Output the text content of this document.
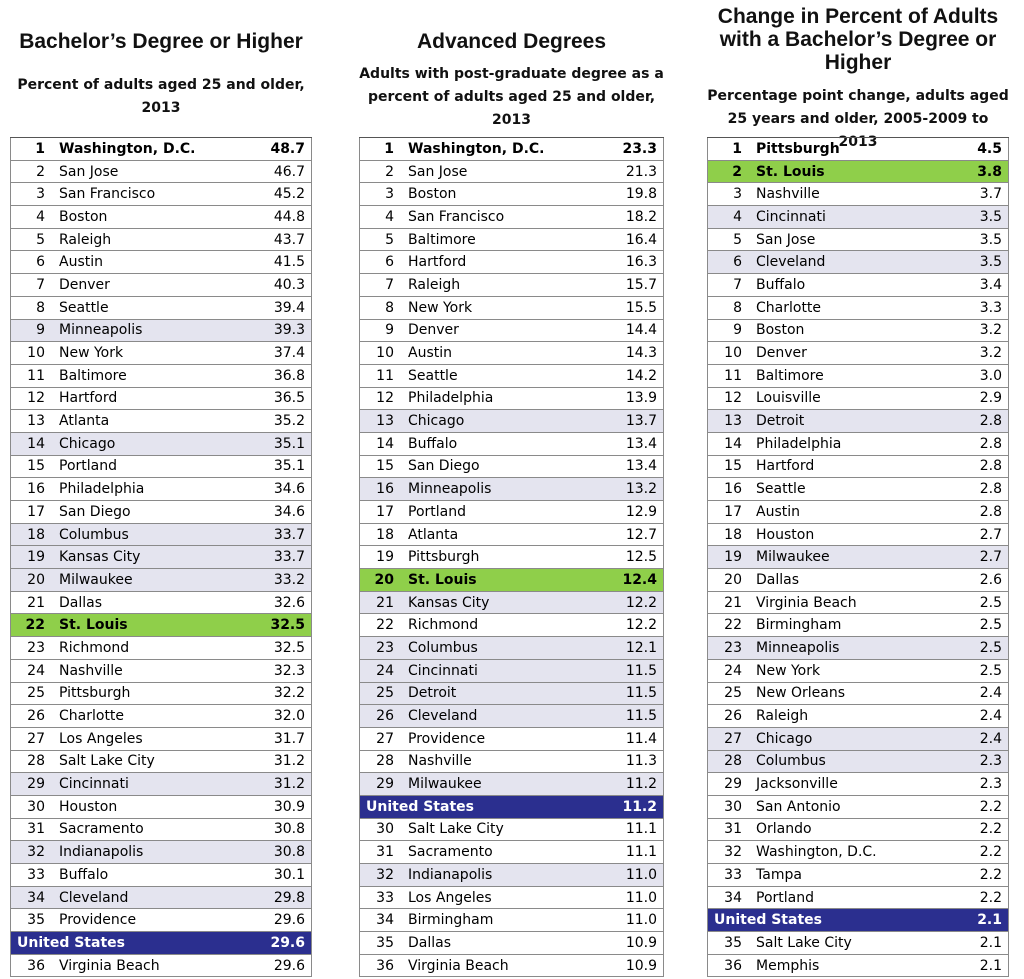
Bachelor’s Degree or Higher

Percent of adults aged 25 and older, 2013

1	Washington, D.C.	48.7
2	San Jose	46.7
3	San Francisco	45.2
4	Boston	44.8
5	Raleigh	43.7
6	Austin	41.5
7	Denver	40.3
8	Seattle	39.4
9	Minneapolis	39.3
10	New York	37.4
11	Baltimore	36.8
12	Hartford	36.5
13	Atlanta	35.2
14	Chicago	35.1
15	Portland	35.1
16	Philadelphia	34.6
17	San Diego	34.6
18	Columbus	33.7
19	Kansas City	33.7
20	Milwaukee	33.2
21	Dallas	32.6
22	St. Louis	32.5
23	Richmond	32.5
24	Nashville	32.3
25	Pittsburgh	32.2
26	Charlotte	32.0
27	Los Angeles	31.7
28	Salt Lake City	31.2
29	Cincinnati	31.2
30	Houston	30.9
31	Sacramento	30.8
32	Indianapolis	30.8
33	Buffalo	30.1
34	Cleveland	29.8
35	Providence	29.6
United States	29.6
36	Virginia Beach	29.6

Advanced Degrees

Adults with post-graduate degree as a percent of adults aged 25 and older, 2013

1	Washington, D.C.	23.3
2	San Jose	21.3
3	Boston	19.8
4	San Francisco	18.2
5	Baltimore	16.4
6	Hartford	16.3
7	Raleigh	15.7
8	New York	15.5
9	Denver	14.4
10	Austin	14.3
11	Seattle	14.2
12	Philadelphia	13.9
13	Chicago	13.7
14	Buffalo	13.4
15	San Diego	13.4
16	Minneapolis	13.2
17	Portland	12.9
18	Atlanta	12.7
19	Pittsburgh	12.5
20	St. Louis	12.4
21	Kansas City	12.2
22	Richmond	12.2
23	Columbus	12.1
24	Cincinnati	11.5
25	Detroit	11.5
26	Cleveland	11.5
27	Providence	11.4
28	Nashville	11.3
29	Milwaukee	11.2
United States	11.2
30	Salt Lake City	11.1
31	Sacramento	11.1
32	Indianapolis	11.0
33	Los Angeles	11.0
34	Birmingham	11.0
35	Dallas	10.9
36	Virginia Beach	10.9

Change in Percent of Adults with a Bachelor’s Degree or Higher

Percentage point change, adults aged 25 years and older, 2005-2009 to 2013

1	Pittsburgh	4.5
2	St. Louis	3.8
3	Nashville	3.7
4	Cincinnati	3.5
5	San Jose	3.5
6	Cleveland	3.5
7	Buffalo	3.4
8	Charlotte	3.3
9	Boston	3.2
10	Denver	3.2
11	Baltimore	3.0
12	Louisville	2.9
13	Detroit	2.8
14	Philadelphia	2.8
15	Hartford	2.8
16	Seattle	2.8
17	Austin	2.8
18	Houston	2.7
19	Milwaukee	2.7
20	Dallas	2.6
21	Virginia Beach	2.5
22	Birmingham	2.5
23	Minneapolis	2.5
24	New York	2.5
25	New Orleans	2.4
26	Raleigh	2.4
27	Chicago	2.4
28	Columbus	2.3
29	Jacksonville	2.3
30	San Antonio	2.2
31	Orlando	2.2
32	Washington, D.C.	2.2
33	Tampa	2.2
34	Portland	2.2
United States	2.1
35	Salt Lake City	2.1
36	Memphis	2.1
